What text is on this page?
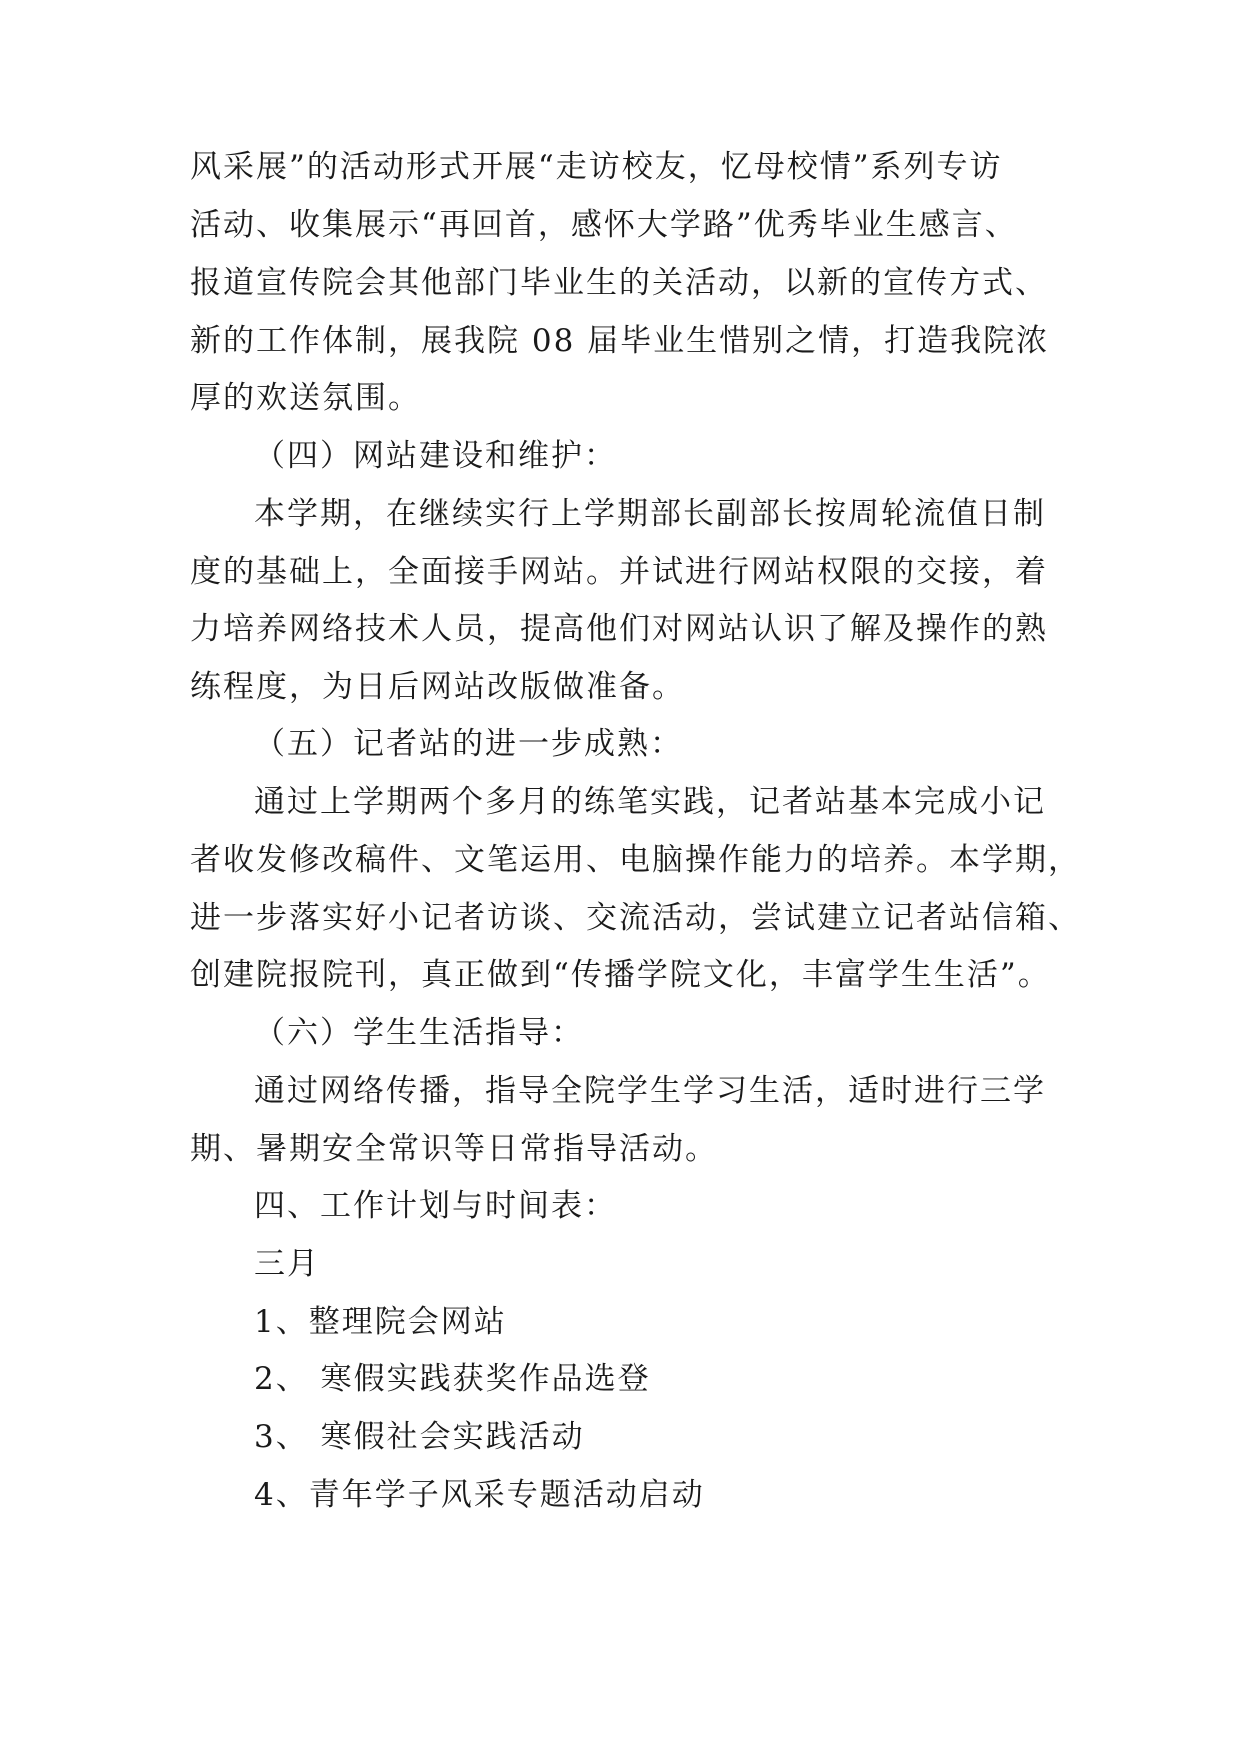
风采展”的活动形式开展“走访校友，忆母校情”系列专访
活动、收集展示“再回首，感怀大学路”优秀毕业生感言、
报道宣传院会其他部门毕业生的关活动，以新的宣传方式、
新的工作体制，展我院 08 届毕业生惜别之情，打造我院浓
厚的欢送氛围。
（四）网站建设和维护：
本学期，在继续实行上学期部长副部长按周轮流值日制
度的基础上，全面接手网站。并试进行网站权限的交接，着
力培养网络技术人员，提高他们对网站认识了解及操作的熟
练程度，为日后网站改版做准备。
（五）记者站的进一步成熟：
通过上学期两个多月的练笔实践，记者站基本完成小记
者收发修改稿件、文笔运用、电脑操作能力的培养。本学期，
进一步落实好小记者访谈、交流活动，尝试建立记者站信箱、
创建院报院刊，真正做到“传播学院文化，丰富学生生活”。
（六）学生生活指导：
通过网络传播，指导全院学生学习生活，适时进行三学
期、暑期安全常识等日常指导活动。
四、工作计划与时间表：
三月
1、整理院会网站
2、 寒假实践获奖作品选登
3、 寒假社会实践活动
4、青年学子风采专题活动启动
